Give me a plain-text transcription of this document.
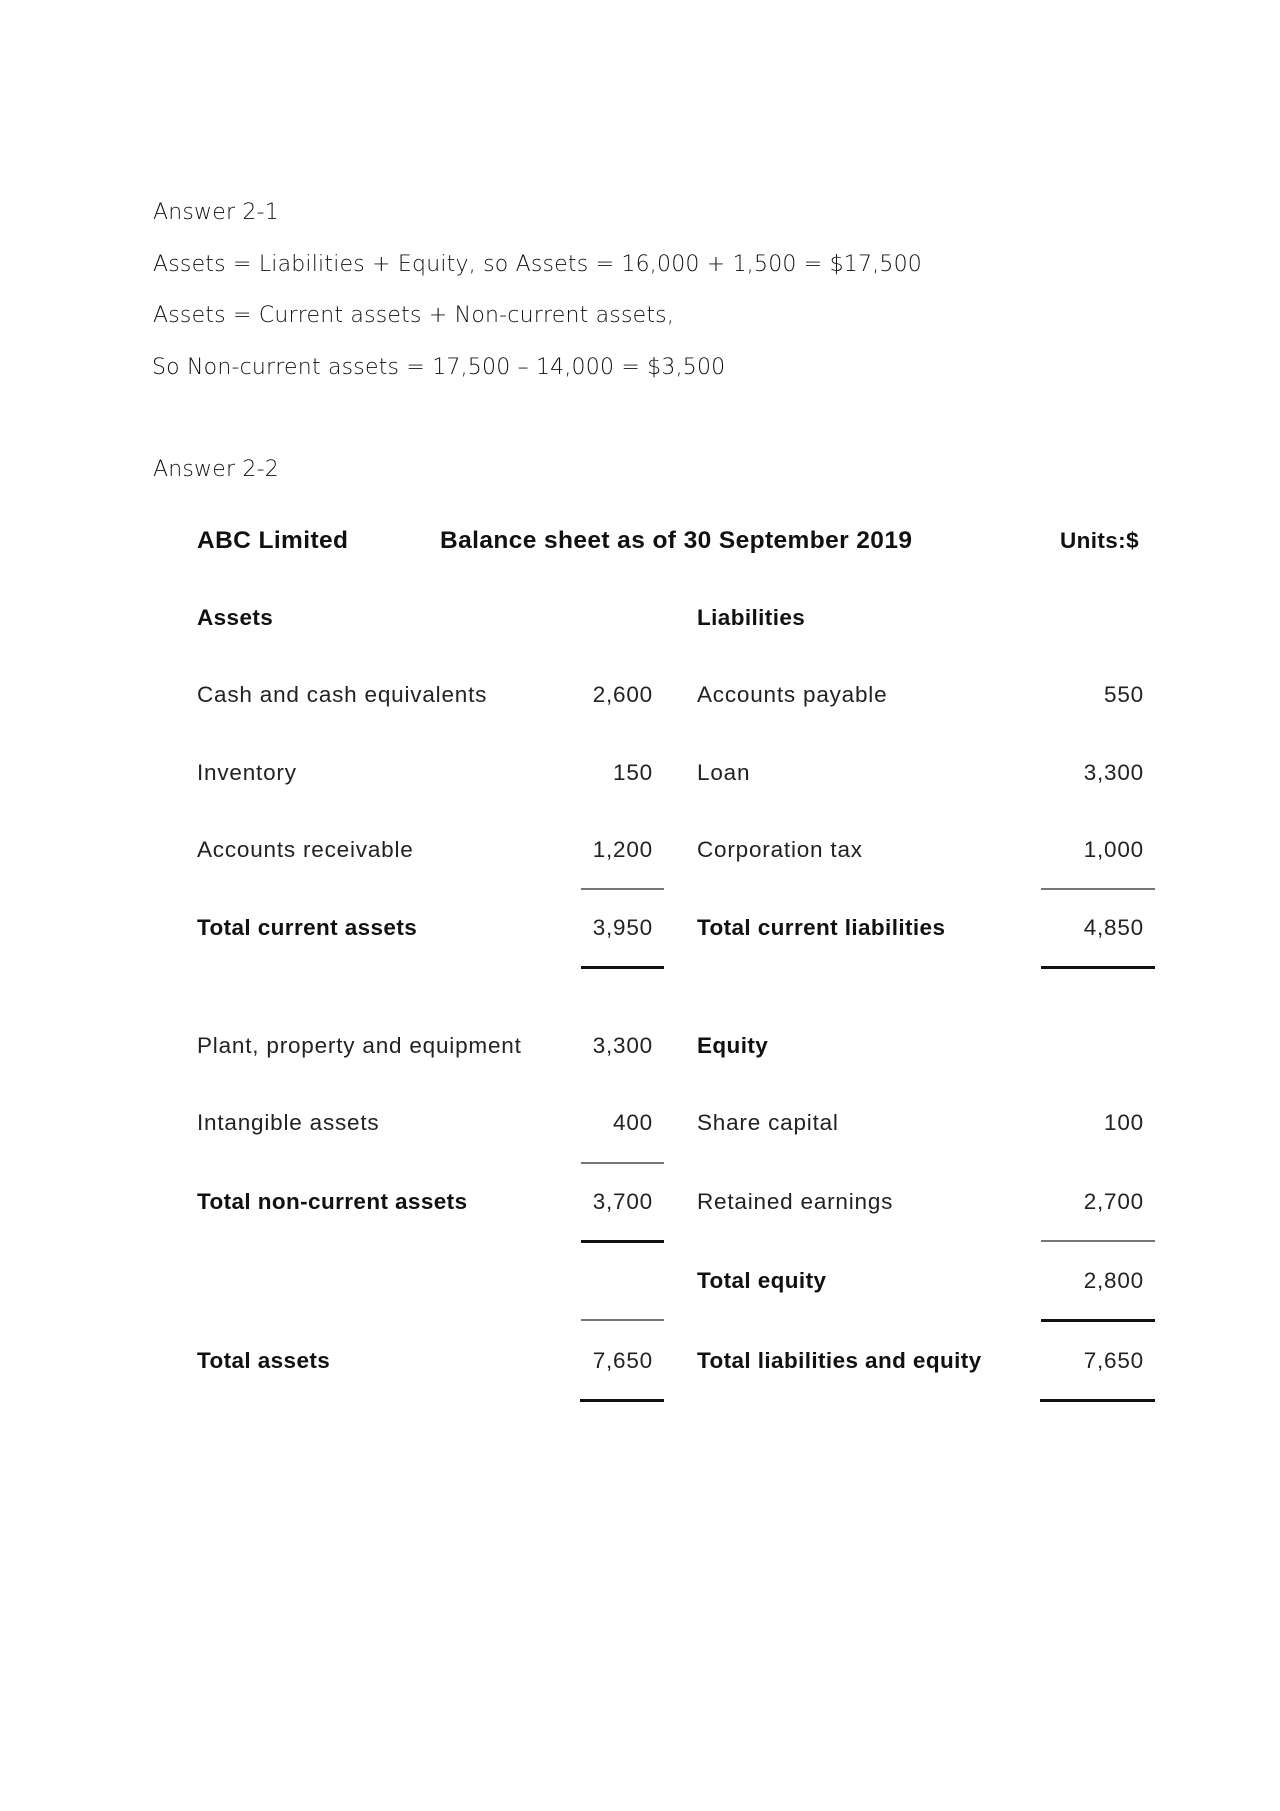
Answer 2-1
Assets = Liabilities + Equity, so Assets = 16,000 + 1,500 = $17,500
Assets = Current assets + Non-current assets,
So Non-current assets = 17,500 – 14,000 = $3,500
Answer 2-2
ABC Limited	Balance sheet as of 30 September 2019	Units:$
Assets	Liabilities
Cash and cash equivalents	2,600 Accounts payable	550
Inventory	150 Loan	3,300
Accounts receivable	1,200 Corporation tax	1,000
Total current assets	3,950 Total current liabilities	4,850
Plant, property and equipment	3,300 Equity
Intangible assets	400 Share capital	100
Total non-current assets	3,700 Retained earnings	2,700
Total equity	2,800
Total assets	7,650 Total liabilities and equity	7,650
